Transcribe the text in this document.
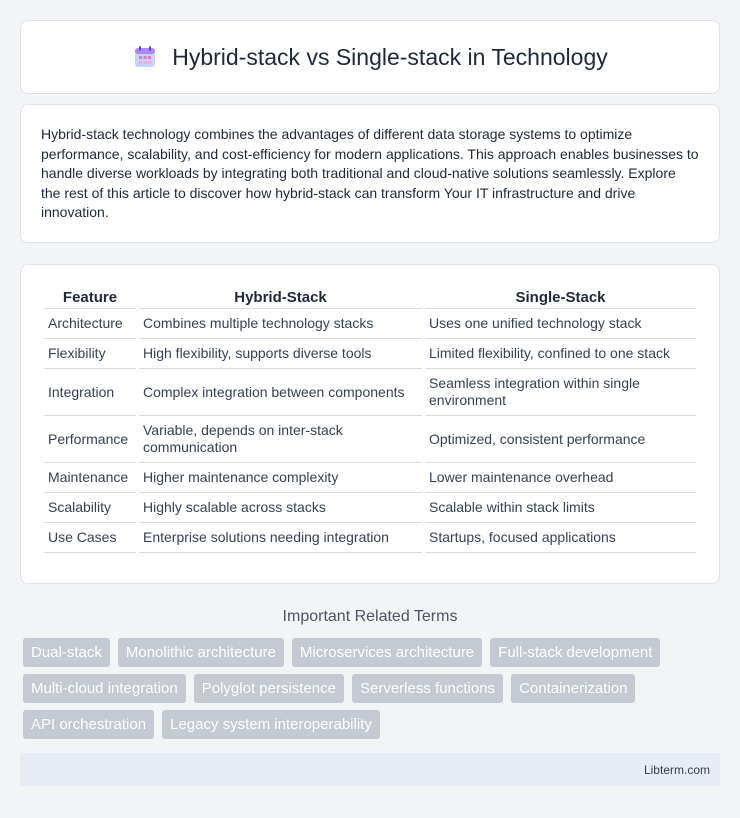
Hybrid-stack vs Single-stack in Technology

Hybrid-stack technology combines the advantages of different data storage systems to optimize performance, scalability, and cost-efficiency for modern applications. This approach enables businesses to handle diverse workloads by integrating both traditional and cloud-native solutions seamlessly. Explore the rest of this article to discover how hybrid-stack can transform Your IT infrastructure and drive innovation.

Feature	Hybrid-Stack	Single-Stack
Architecture	Combines multiple technology stacks	Uses one unified technology stack
Flexibility	High flexibility, supports diverse tools	Limited flexibility, confined to one stack
Integration	Complex integration between components	Seamless integration within single environment
Performance	Variable, depends on inter-stack communication	Optimized, consistent performance
Maintenance	Higher maintenance complexity	Lower maintenance overhead
Scalability	Highly scalable across stacks	Scalable within stack limits
Use Cases	Enterprise solutions needing integration	Startups, focused applications
Important Related Terms
Dual-stack	Monolithic architecture	Microservices architecture	Full-stack development
Multi-cloud integration	Polyglot persistence	Serverless functions	Containerization
API orchestration	Legacy system interoperability
Libterm.com
